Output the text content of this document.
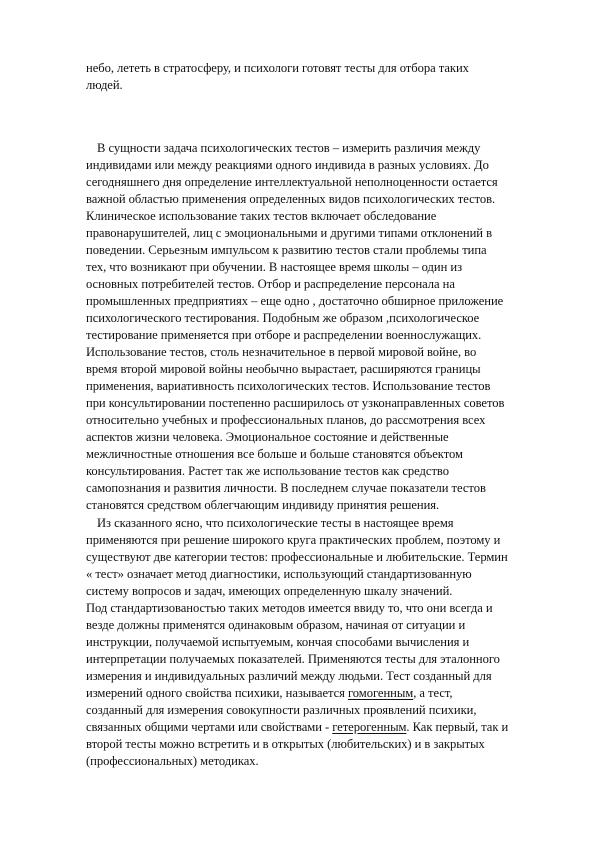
небо, лететь в стратосферу, и психологи готовят тесты для отбора таких
людей.
В сущности задача психологических тестов – измерить различия между
индивидами или между реакциями одного индивида в разных условиях. До
сегодняшнего дня определение интеллектуальной неполноценности остается
важной областью применения определенных видов психологических тестов.
Клиническое использование таких тестов включает обследование
правонарушителей, лиц с эмоциональными и другими типами отклонений в
поведении. Серьезным импульсом к развитию тестов стали проблемы типа
тех, что возникают при обучении. В настоящее время школы – один из
основных потребителей тестов. Отбор и распределение персонала на
промышленных предприятиях – еще одно , достаточно обширное приложение
психологического тестирования. Подобным же образом ,психологическое
тестирование применяется при отборе и распределении военнослужащих.
Использование тестов, столь незначительное в первой мировой войне, во
время второй мировой войны необычно вырастает, расширяются границы
применения, вариативность психологических тестов. Использование тестов
при консультировании постепенно расширилось от узконаправленных советов
относительно учебных и профессиональных планов, до рассмотрения всех
аспектов жизни человека. Эмоциональное состояние и действенные
межличностные отношения все больше и больше становятся объектом
консультирования. Растет так же использование тестов как средство
самопознания и развития личности. В последнем случае показатели тестов
становятся средством облегчающим индивиду принятия решения.
Из сказанного ясно, что психологические тесты в настоящее время
применяются при решение широкого круга практических проблем, поэтому и
существуют две категории тестов: профессиональные и любительские. Термин
« тест» означает метод диагностики, использующий стандартизованную
систему вопросов и задач, имеющих определенную шкалу значений.
Под стандартизованостью таких методов имеется ввиду то, что они всегда и
везде должны применятся одинаковым образом, начиная от ситуации и
инструкции, получаемой испытуемым, кончая способами вычисления и
интерпретации получаемых показателей. Применяются тесты для эталонного
измерения и индивидуальных различий между людьми. Тест созданный для
измерений одного свойства психики, называется гомогенным, а тест,
созданный для измерения совокупности различных проявлений психики,
связанных общими чертами или свойствами - гетерогенным. Как первый, так и
второй тесты можно встретить и в открытых (любительских) и в закрытых
(профессиональных) методиках.
